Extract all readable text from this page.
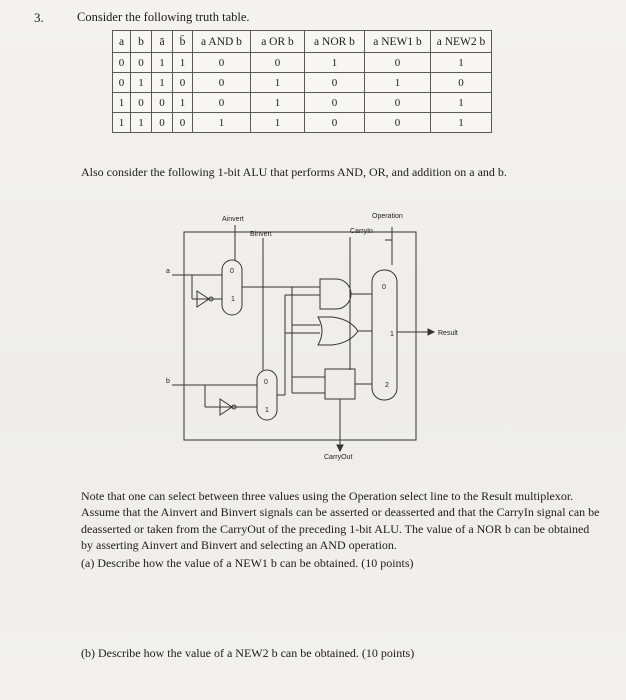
3.	Consider the following truth table.
a	b	ā	b̄	a AND b	a OR b	a NOR b	a NEW1 b	a NEW2 b
0	0	1	1	0	0	1	0	1
0	1	1	0	0	1	0	1	0
1	0	0	1	0	1	0	0	1
1	1	0	0	1	1	0	0	1
Also consider the following 1-bit ALU that performs AND, OR, and addition on a and b.
Ainvert
Binvert
Operation
CarryIn
a
b
Result
CarryOut
0
1
0
1
0
1
2
Note that one can select between three values using the Operation select line to the Result multiplexor.
Assume that the Ainvert and Binvert signals can be asserted or deasserted and that the CarryIn signal can be
deasserted or taken from the CarryOut of the preceding 1-bit ALU. The value of a NOR b can be obtained
by asserting Ainvert and Binvert and selecting an AND operation.
(a) Describe how the value of a NEW1 b can be obtained. (10 points)
(b) Describe how the value of a NEW2 b can be obtained. (10 points)
